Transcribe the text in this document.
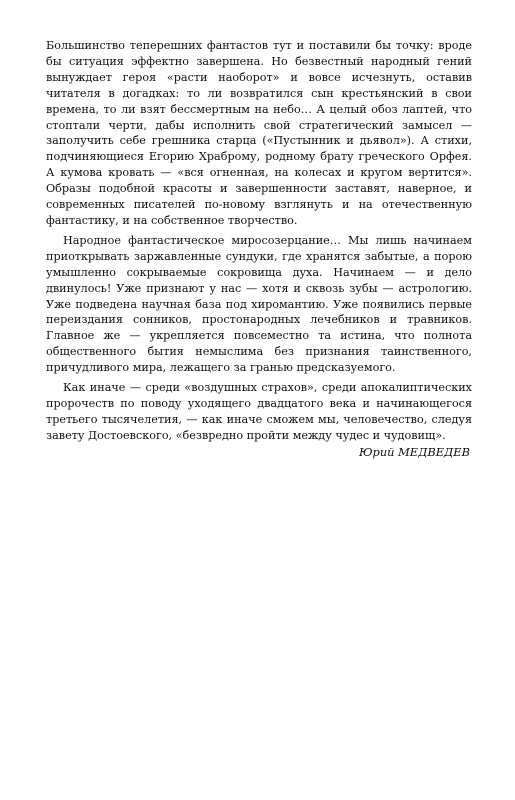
Большинство теперешних фантастов тут и поставили бы точку: вроде бы ситуация эффектно завершена. Но безвестный народный гений вынуждает героя «расти наоборот» и вовсе исчезнуть, оставив читателя в догадках: то ли возвратился сын крестьянский в свои времена, то ли взят бессмертным на небо… А целый обоз лаптей, что стоптали черти, дабы исполнить свой стратегический замысел — заполучить себе грешника старца («Пустынник и дьявол»). А стихи, подчиняющиеся Егорию Храброму, родному брату греческого Орфея. А кумова кровать — «вся огненная, на колесах и кругом вертится». Образы подобной красоты и завершенности заставят, наверное, и современных писателей по-новому взглянуть и на отечественную фантастику, и на собственное творчество.

Народное фантастическое миросозерцание… Мы лишь начинаем приоткрывать заржавленные сундуки, где хранятся забытые, а порою умышленно сокрываемые сокровища духа. Начинаем — и дело двинулось! Уже признают у нас — хотя и сквозь зубы — астрологию. Уже подведена научная база под хиромантию. Уже появились первые переиздания сонников, простонародных лечебников и травников. Главное же — укрепляется повсеместно та истина, что полнота общественного бытия немыслима без признания таинственного, причудливого мира, лежащего за гранью предсказуемого.

Как иначе — среди «воздушных страхов», среди апокалиптических пророчеств по поводу уходящего двадцатого века и начинающегося третьего тысячелетия, — как иначе сможем мы, человечество, следуя завету Достоевского, «безвредно пройти между чудес и чудовищ».

Юрий МЕДВЕДЕВ
